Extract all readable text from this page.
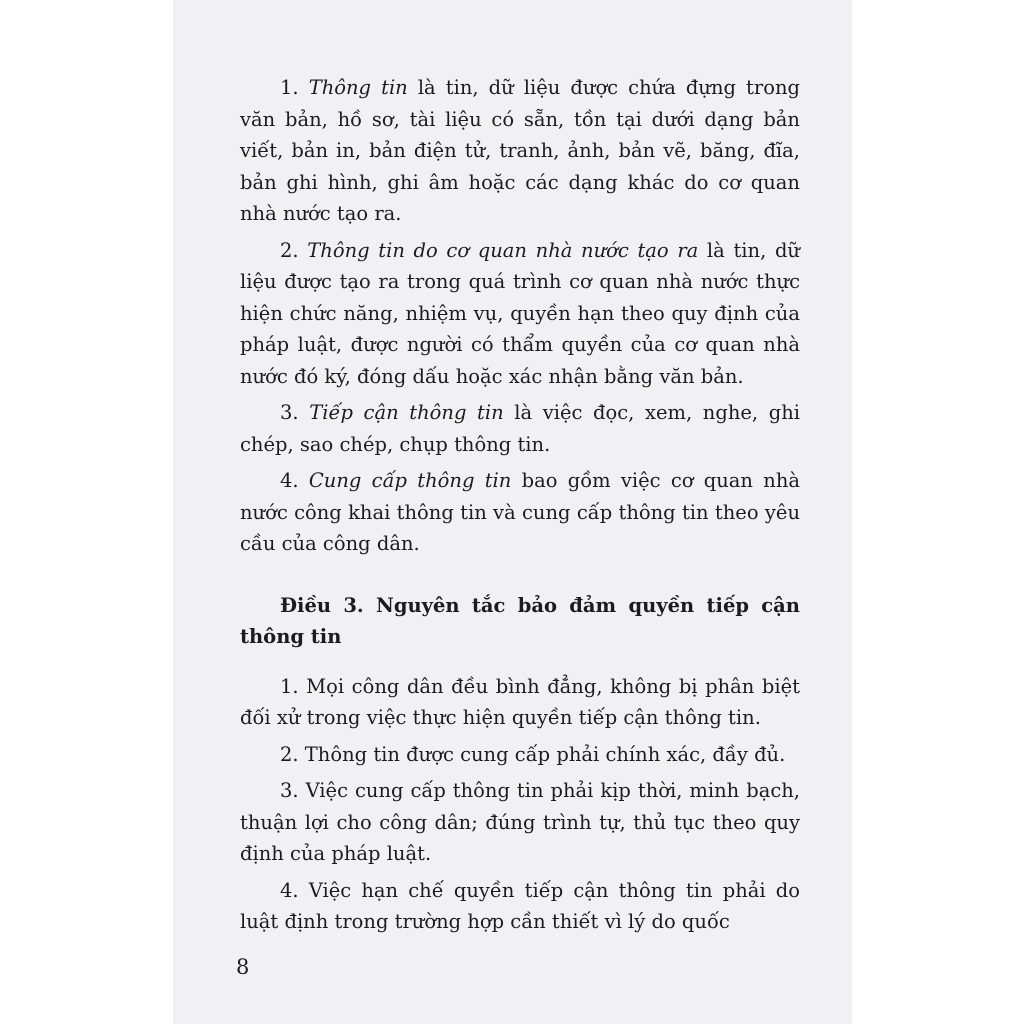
1. Thông tin là tin, dữ liệu được chứa đựng trong văn bản, hồ sơ, tài liệu có sẵn, tồn tại dưới dạng bản viết, bản in, bản điện tử, tranh, ảnh, bản vẽ, băng, đĩa, bản ghi hình, ghi âm hoặc các dạng khác do cơ quan nhà nước tạo ra.

2. Thông tin do cơ quan nhà nước tạo ra là tin, dữ liệu được tạo ra trong quá trình cơ quan nhà nước thực hiện chức năng, nhiệm vụ, quyền hạn theo quy định của pháp luật, được người có thẩm quyền của cơ quan nhà nước đó ký, đóng dấu hoặc xác nhận bằng văn bản.

3. Tiếp cận thông tin là việc đọc, xem, nghe, ghi chép, sao chép, chụp thông tin.

4. Cung cấp thông tin bao gồm việc cơ quan nhà nước công khai thông tin và cung cấp thông tin theo yêu cầu của công dân.

Điều 3. Nguyên tắc bảo đảm quyền tiếp cận thông tin

1. Mọi công dân đều bình đẳng, không bị phân biệt đối xử trong việc thực hiện quyền tiếp cận thông tin.

2. Thông tin được cung cấp phải chính xác, đầy đủ.

3. Việc cung cấp thông tin phải kịp thời, minh bạch, thuận lợi cho công dân; đúng trình tự, thủ tục theo quy định của pháp luật.

4. Việc hạn chế quyền tiếp cận thông tin phải do luật định trong trường hợp cần thiết vì lý do quốc

8
